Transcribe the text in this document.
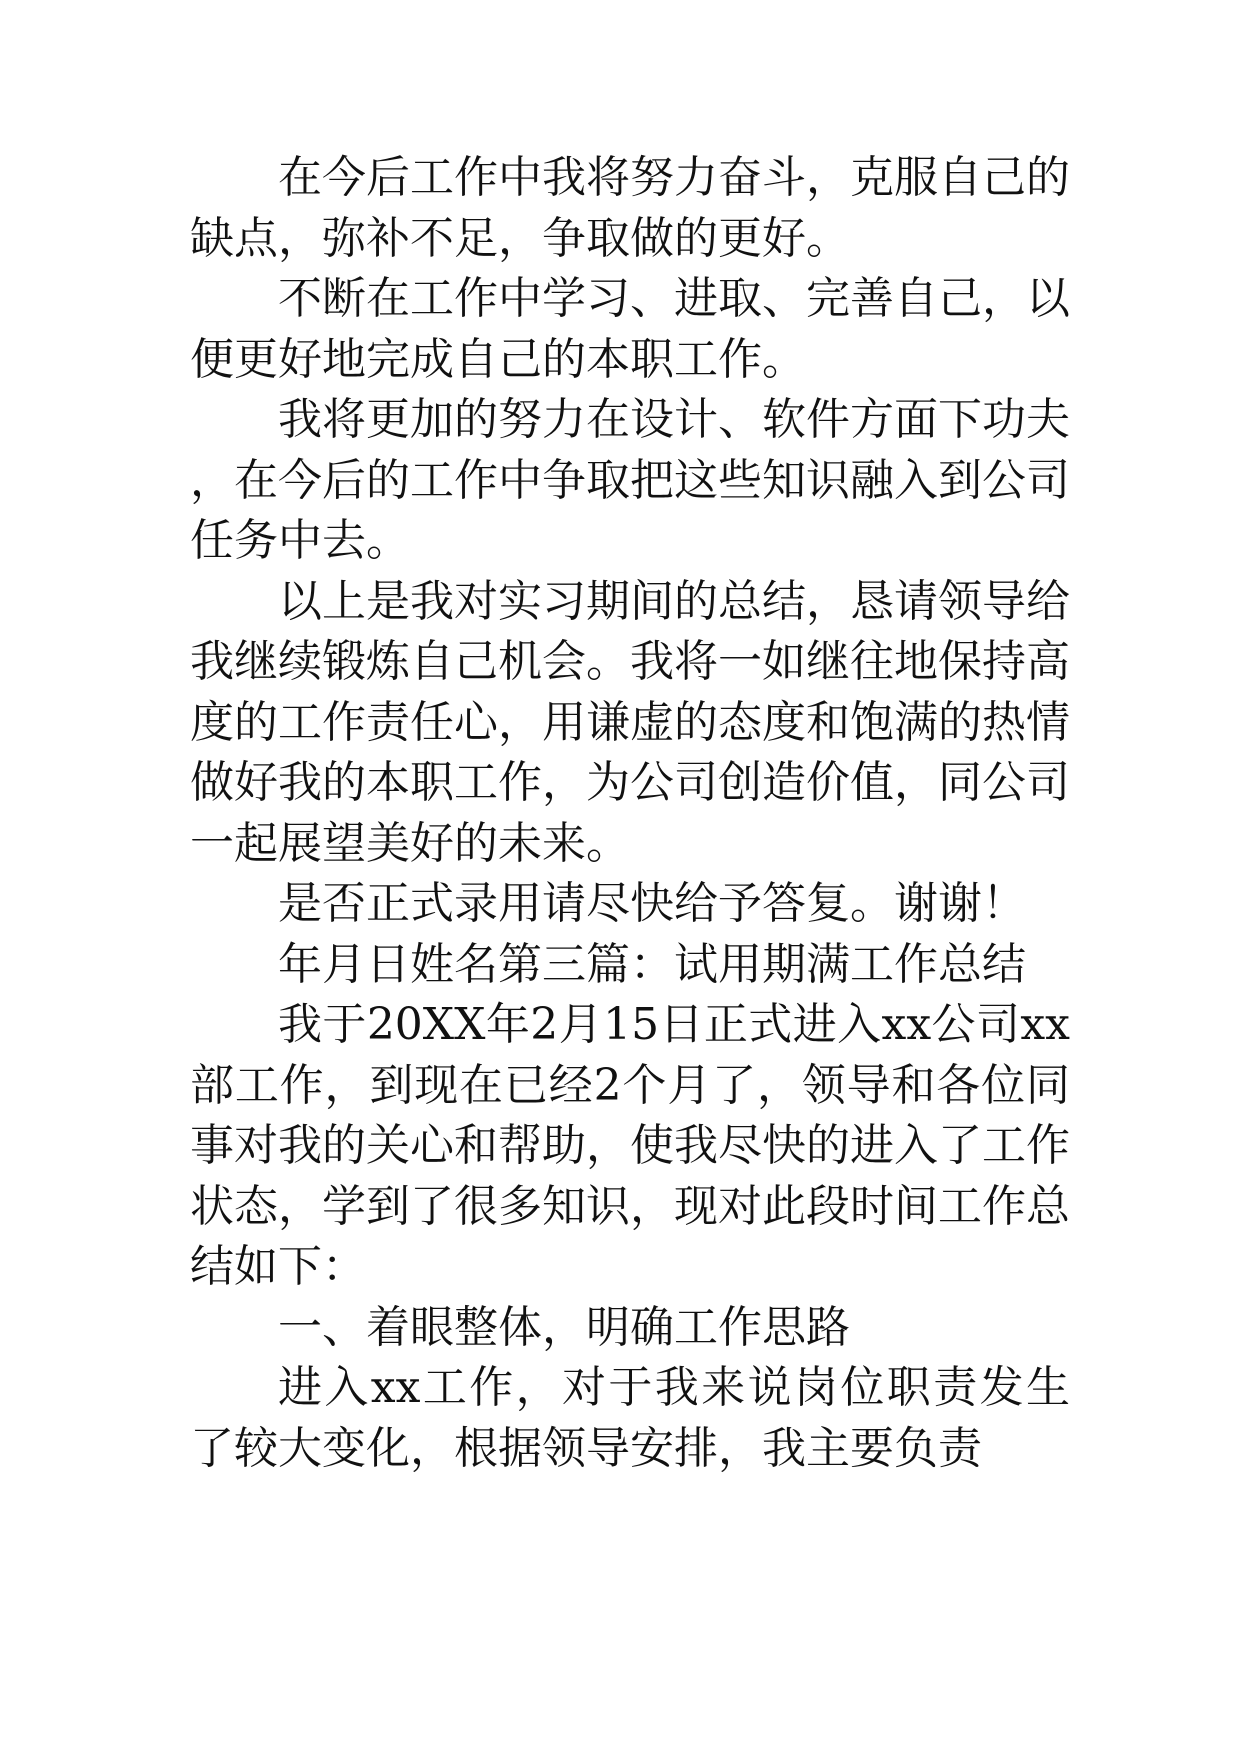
在今后工作中我将努力奋斗，克服自己的缺点，弥补不足，争取做的更好。

不断在工作中学习、进取、完善自己，以便更好地完成自己的本职工作。

我将更加的努力在设计、软件方面下功夫，在今后的工作中争取把这些知识融入到公司任务中去。

以上是我对实习期间的总结，恳请领导给我继续锻炼自己机会。我将一如继往地保持高度的工作责任心，用谦虚的态度和饱满的热情做好我的本职工作，为公司创造价值，同公司一起展望美好的未来。

是否正式录用请尽快给予答复。谢谢！

年月日姓名第三篇：试用期满工作总结

我于20XX年2月15日正式进入xx公司xx部工作，到现在已经2个月了，领导和各位同事对我的关心和帮助，使我尽快的进入了工作状态，学到了很多知识，现对此段时间工作总结如下：

一、着眼整体，明确工作思路

进入xx工作，对于我来说岗位职责发生了较大变化，根据领导安排，我主要负责
